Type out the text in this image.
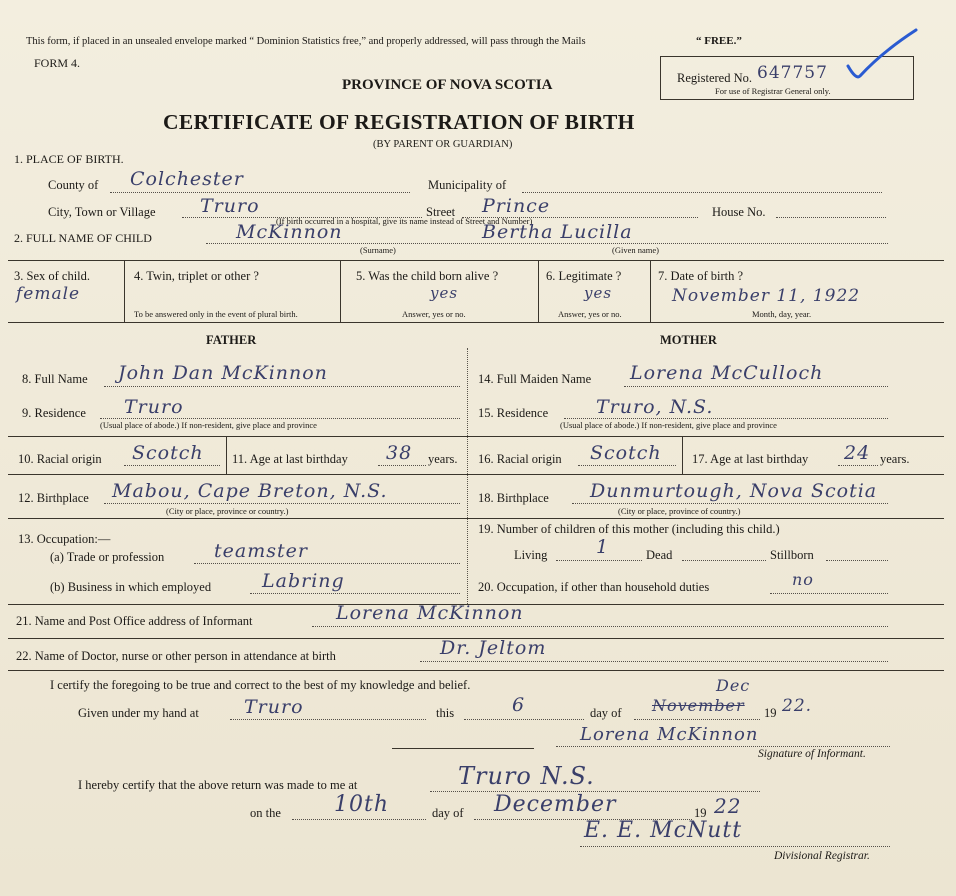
This form, if placed in an unsealed envelope marked “ Dominion Statistics free,” and properly addressed, will pass through the Mails	“ FREE.”
FORM 4.
PROVINCE OF NOVA SCOTIA	Registered No. 647757
For use of Registrar General only.
CERTIFICATE OF REGISTRATION OF BIRTH
(BY PARENT OR GUARDIAN)
1. PLACE OF BIRTH.
County of Colchester	Municipality of
City, Town or Village Truro	Street Prince	House No.
(If birth occurred in a hospital, give its name instead of Street and Number)
2. FULL NAME OF CHILD	McKinnon	Bertha Lucilla
(Surname)	(Given name)
3. Sex of child.
female
4. Twin, triplet or other ?
To be answered only in the event of plural birth.
5. Was the child born alive ?
yes
Answer, yes or no.
6. Legitimate ?
yes
Answer, yes or no.
7. Date of birth ?
November 11, 1922
Month, day, year.
FATHER	MOTHER
8. Full Name John Dan McKinnon
9. Residence Truro
(Usual place of abode.) If non-resident, give place and province
10. Racial origin Scotch 11. Age at last birthday 38 years.
12. Birthplace Mabou, Cape Breton, N.S.
(City or place, province or country.)
13. Occupation:—
(a) Trade or profession	teamster
(b) Business in which employed	Labring
14. Full Maiden Name Lorena McCulloch
15. Residence	Truro, N.S.
(Usual place of abode.) If non-resident, give place and province
16. Racial origin Scotch 17. Age at last birthday 24 years.
18. Birthplace Dunmurtough, Nova Scotia
(City or place, province of country.)
19. Number of children of this mother (including this child.)
Living	1	Dead	Stillborn
20. Occupation, if other than household duties	no
21. Name and Post Office address of Informant	Lorena McKinnon
22. Name of Doctor, nurse or other person in attendance at birth	Dr. Jeltom
I certify the foregoing to be true and correct to the best of my knowledge and belief.
Given under my hand at Truro	this	6	day of November
Dec
19 22.
Lorena McKinnon
Signature of Informant.
I hereby certify that the above return was made to me at	Truro N.S.
on the 10th	day of December	19 22
E. E. McNutt
Divisional Registrar.
